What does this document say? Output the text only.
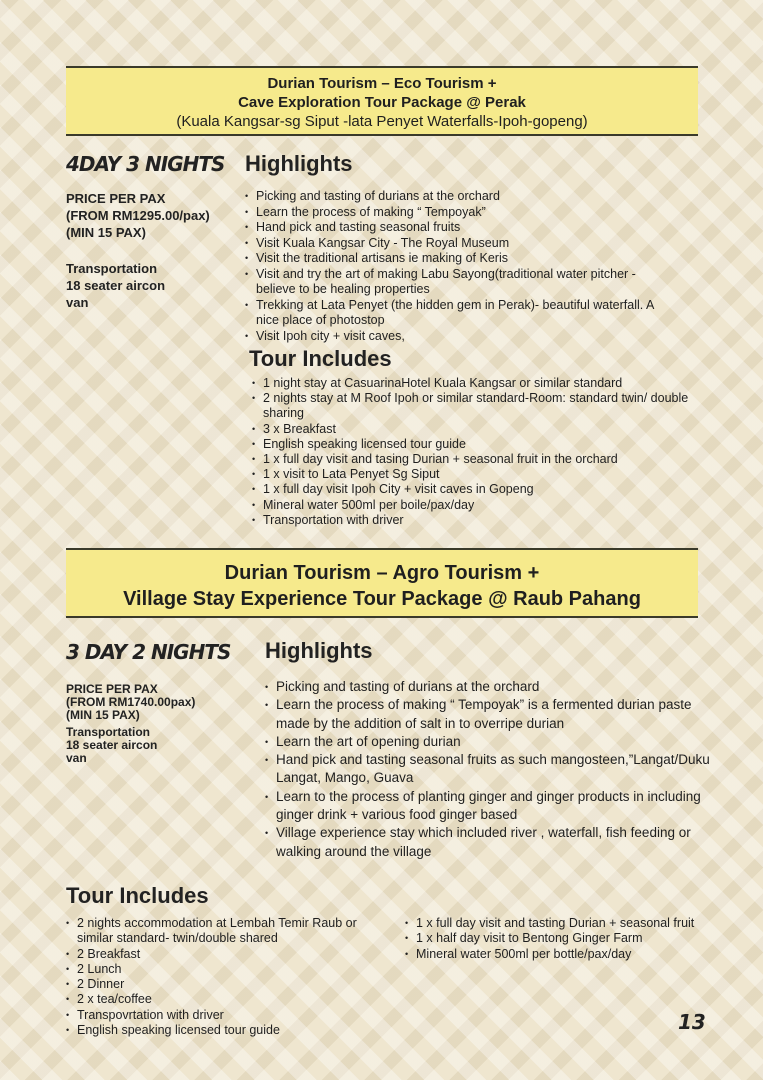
Durian Tourism – Eco Tourism +
Cave Exploration Tour Package @ Perak
(Kuala Kangsar-sg Siput -lata Penyet Waterfalls-Ipoh-gopeng)
4DAY 3 NIGHTS Highlights
PRICE PER PAX
(FROM RM1295.00/pax)
(MIN 15 PAX)
Transportation
18 seater aircon
van
• Picking and tasting of durians at the orchard
• Learn the process of making “ Tempoyak”
• Hand pick and tasting seasonal fruits
• Visit Kuala Kangsar City - The Royal Museum
• Visit the traditional artisans ie making of Keris
• Visit and try the art of making Labu Sayong(traditional water pitcher - believe to be healing properties
• Trekking at Lata Penyet (the hidden gem in Perak)- beautiful waterfall. A nice place of photostop
• Visit Ipoh city + visit caves,
Tour Includes
• 1 night stay at CasuarinaHotel Kuala Kangsar or similar standard
• 2 nights stay at M Roof Ipoh or similar standard-Room: standard twin/ double sharing
• 3 x Breakfast
• English speaking licensed tour guide
• 1 x full day visit and tasing Durian + seasonal fruit in the orchard
• 1 x visit to Lata Penyet Sg Siput
• 1 x full day visit Ipoh City + visit caves in Gopeng
• Mineral water 500ml per boile/pax/day
• Transportation with driver
Durian Tourism – Agro Tourism +
Village Stay Experience Tour Package @ Raub Pahang
3 DAY 2 NIGHTS Highlights
PRICE PER PAX
(FROM RM1740.00pax)
(MIN 15 PAX)
Transportation
18 seater aircon
van
• Picking and tasting of durians at the orchard
• Learn the process of making “ Tempoyak” is a fermented durian paste made by the addition of salt in to overripe durian
• Learn the art of opening durian
• Hand pick and tasting seasonal fruits as such mangosteen,”Langat/Duku Langat, Mango, Guava
• Learn to the process of planting ginger and ginger products in including ginger drink + various food ginger based
• Village experience stay which included river , waterfall, fish feeding or walking around the village
Tour Includes
• 2 nights accommodation at Lembah Temir Raub or similar standard- twin/double shared
• 2 Breakfast
• 2 Lunch
• 2 Dinner
• 2 x tea/coffee
• Transpovrtation with driver
• English speaking licensed tour guide
• 1 x full day visit and tasting Durian + seasonal fruit
• 1 x half day visit to Bentong Ginger Farm
• Mineral water 500ml per bottle/pax/day
13
